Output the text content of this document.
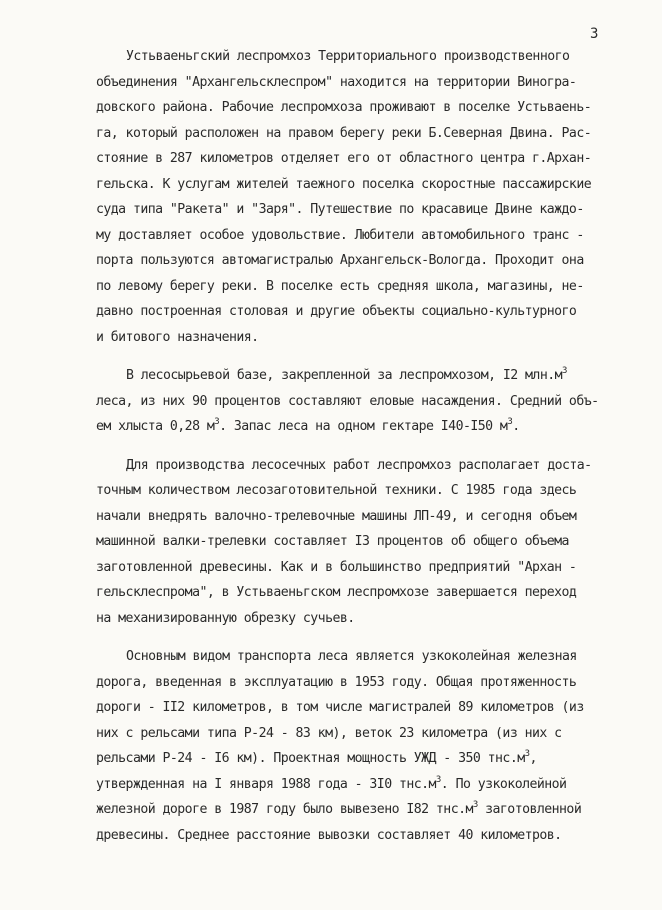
3
Устьваеньгский леспромхоз Территориального производственного
объединения "Архангельсклеспром" находится на территории Виногра-
довского района. Рабочие леспромхоза проживают в поселке Устьваень-
га, который расположен на правом берегу реки Б.Северная Двина. Рас-
стояние в 287 километров отделяет его от областного центра г.Архан-
гельска. К услугам жителей таежного поселка скоростные пассажирские
суда типа "Ракета" и "Заря". Путешествие по красавице Двине каждо-
му доставляет особое удовольствие. Любители автомобильного транс -
порта пользуются автомагистралью Архангельск-Вологда. Проходит она
по левому берегу реки. В поселке есть средняя школа, магазины, не-
давно построенная столовая и другие объекты социально-культурного
и битового назначения.
В лесосырьевой базе, закрепленной за леспромхозом, I2 $млн.м^3$
леса, из них 90 процентов составляют еловые насаждения. Средний объ-
ем хлыста 0,28 $м^3$. Запас леса на одном гектаре I40-I50 $м^3$.
Для производства лесосечных работ леспромхоз располагает доста-
точным количеством лесозаготовительной техники. С 1985 года здесь
начали внедрять валочно-трелевочные машины ЛП-49, и сегодня объем
машинной валки-трелевки составляет I3 процентов об общего объема
заготовленной древесины. Как и в большинство предприятий "Архан -
гельсклеспрома", в Устьваеньгском леспромхозе завершается переход
на механизированную обрезку сучьев.
Основным видом транспорта леса является узкоколейная железная
дорога, введенная в эксплуатацию в 1953 году. Общая протяженность
дороги - II2 километров, в том числе магистралей 89 километров (из
них с рельсами типа Р-24 - 83 км), веток 23 километра (из них с
рельсами Р-24 - I6 км). Проектная мощность УЖД - 350 $тнс.м^3$,
утвержденная на I января 1988 года - 3I0 $тнс.м^3$. По узкоколейной
железной дороге в 1987 году было вывезено I82 $тнс.м^3$ заготовленной
древесины. Среднее расстояние вывозки составляет 40 километров.
